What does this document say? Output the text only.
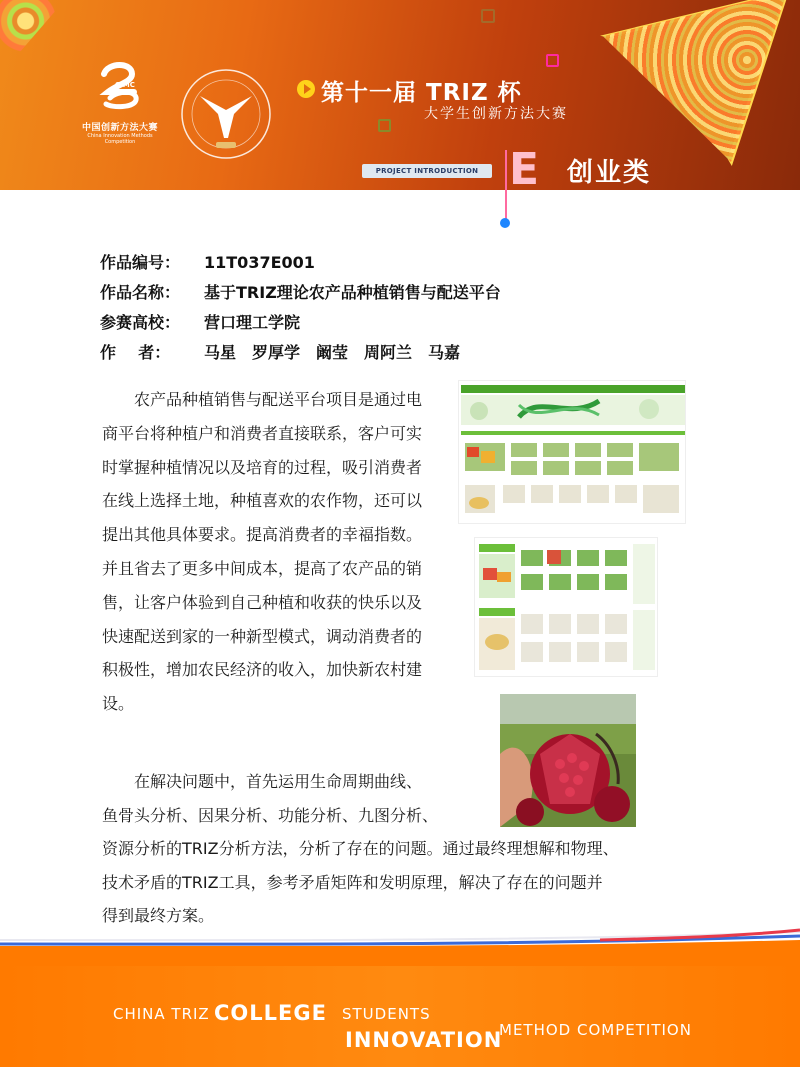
CIMC
中国创新方法大赛
China Innovation Methods Competition
第十一届 TRIZ 杯
大学生创新方法大赛
PROJECT INTRODUCTION E 创业类
作品编号： 11T037E001
作品名称： 基于TRIZ理论农产品种植销售与配送平台
参赛高校： 营口理工学院
作    者： 马星　罗厚学　阚莹　周阿兰　马嘉
农产品种植销售与配送平台项目是通过电商平台将种植户和消费者直接联系，客户可实时掌握种植情况以及培育的过程，吸引消费者在线上选择土地，种植喜欢的农作物，还可以提出其他具体要求。提高消费者的幸福指数。并且省去了更多中间成本，提高了农产品的销售，让客户体验到自己种植和收获的快乐以及快速配送到家的一种新型模式，调动消费者的积极性，增加农民经济的收入，加快新农村建设。
在解决问题中，首先运用生命周期曲线、
鱼骨头分析、因果分析、功能分析、九图分析、
资源分析的TRIZ分析方法，分析了存在的问题。通过最终理想解和物理、
技术矛盾的TRIZ工具，参考矛盾矩阵和发明原理，解决了存在的问题并
得到最终方案。
CHINA TRIZ COLLEGE STUDENTS
INNOVATION
METHOD COMPETITION
